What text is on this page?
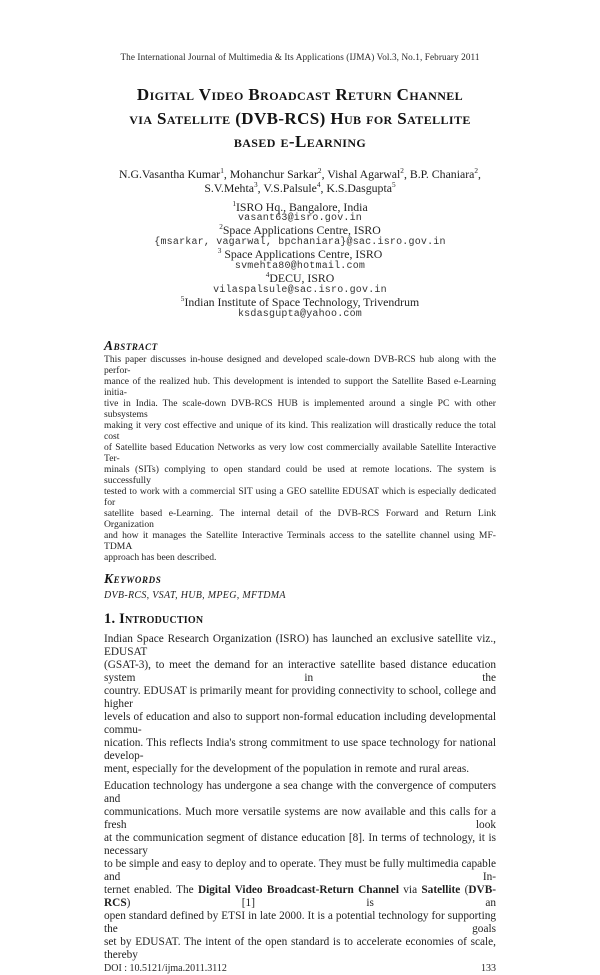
The International Journal of Multimedia & Its Applications (IJMA) Vol.3, No.1, February 2011
Digital Video Broadcast Return Channel
via Satellite (DVB-RCS) Hub for Satellite
based e-Learning
N.G.Vasantha Kumar$^1$, Mohanchur Sarkar$^2$, Vishal Agarwal$^2$, B.P. Chaniara$^2$,
S.V.Mehta$^3$, V.S.Palsule$^4$, K.S.Dasgupta$^5$
$^1$ISRO Hq., Bangalore, India
vasant63@isro.gov.in
$^2$Space Applications Centre, ISRO
{msarkar, vagarwal, bpchaniara}@sac.isro.gov.in
$^3$ Space Applications Centre, ISRO
svmehta80@hotmail.com
$^4$DECU, ISRO
vilaspalsule@sac.isro.gov.in
$^5$Indian Institute of Space Technology, Trivendrum
ksdasgupta@yahoo.com
Abstract
This paper discusses in-house designed and developed scale-down DVB-RCS hub along with the perfor-
mance of the realized hub. This development is intended to support the Satellite Based e-Learning initia-
tive in India. The scale-down DVB-RCS HUB is implemented around a single PC with other subsystems
making it very cost effective and unique of its kind. This realization will drastically reduce the total cost
of Satellite based Education Networks as very low cost commercially available Satellite Interactive Ter-
minals (SITs) complying to open standard could be used at remote locations. The system is successfully
tested to work with a commercial SIT using a GEO satellite EDUSAT which is especially dedicated for
satellite based e-Learning. The internal detail of the DVB-RCS Forward and Return Link Organization
and how it manages the Satellite Interactive Terminals access to the satellite channel using MF-TDMA
approach has been described.
Keywords
DVB-RCS, VSAT, HUB, MPEG, MFTDMA
1. Introduction
Indian Space Research Organization (ISRO) has launched an exclusive satellite viz., EDUSAT
(GSAT-3), to meet the demand for an interactive satellite based distance education system in the
country. EDUSAT is primarily meant for providing connectivity to school, college and higher
levels of education and also to support non-formal education including developmental commu-
nication. This reflects India's strong commitment to use space technology for national develop-
ment, especially for the development of the population in remote and rural areas.
Education technology has undergone a sea change with the convergence of computers and
communications. Much more versatile systems are now available and this calls for a fresh look
at the communication segment of distance education [8]. In terms of technology, it is necessary
to be simple and easy to deploy and to operate. They must be fully multimedia capable and In-
ternet enabled. The Digital Video Broadcast-Return Channel via Satellite (DVB-RCS) [1] is an
open standard defined by ETSI in late 2000. It is a potential technology for supporting the goals
set by EDUSAT. The intent of the open standard is to accelerate economies of scale, thereby
DOI : 10.5121/ijma.2011.3112	133
